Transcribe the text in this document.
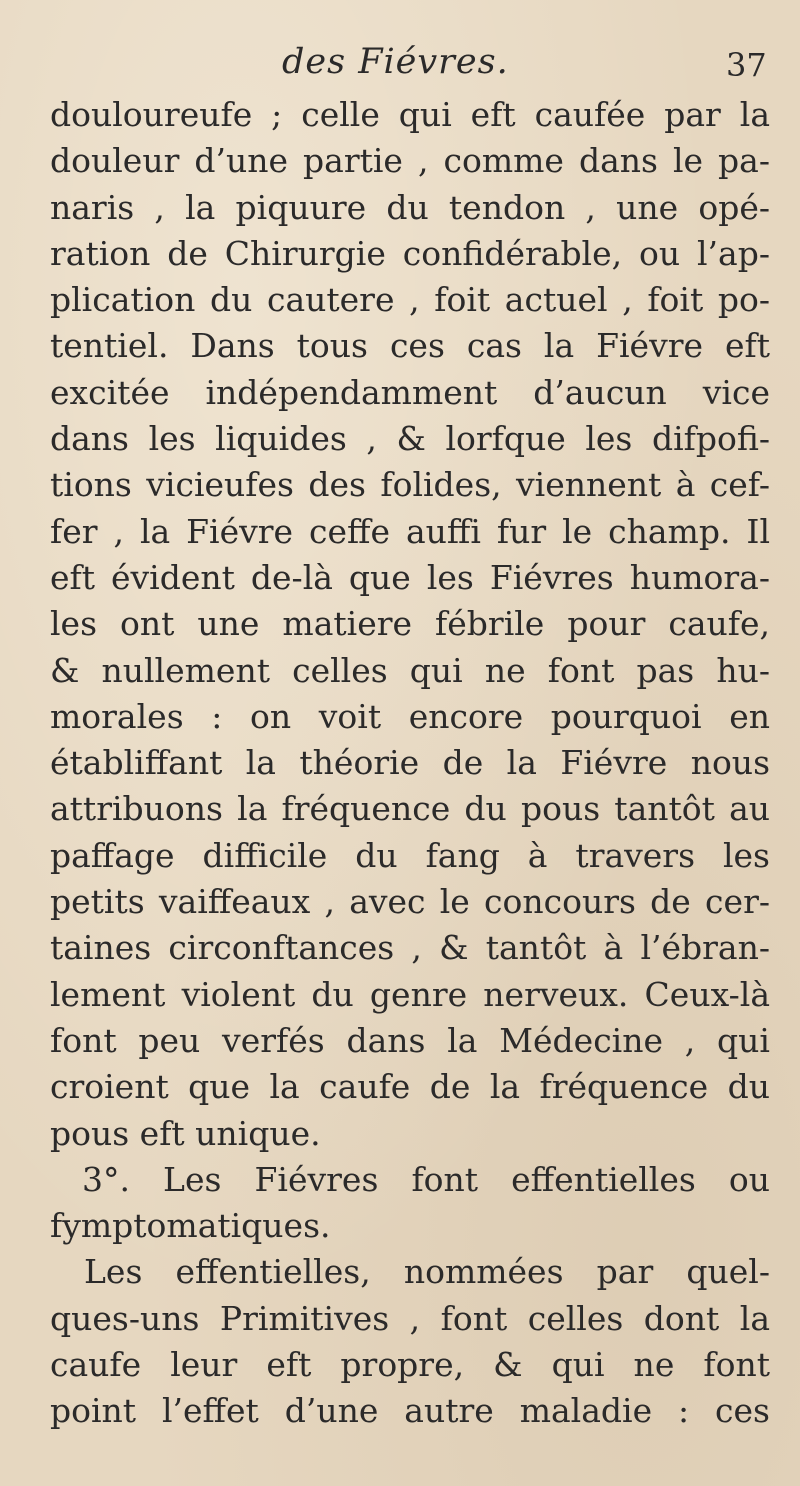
des Fiévres.	37
douloureufe ; celle qui eft caufée par la
douleur d’une partie , comme dans le pa-
naris , la piquure du tendon , une opé-
ration de Chirurgie confidérable, ou l’ap-
plication du cautere , foit actuel , foit po-
tentiel. Dans tous ces cas la Fiévre eft
excitée indépendamment d’aucun vice
dans les liquides , & lorfque les difpofi-
tions vicieufes des folides, viennent à cef-
fer , la Fiévre ceffe auffi fur le champ. Il
eft évident de-là que les Fiévres humora-
les ont une matiere fébrile pour caufe,
& nullement celles qui ne font pas hu-
morales : on voit encore pourquoi en
établiffant la théorie de la Fiévre nous
attribuons la fréquence du pous tantôt au
paffage difficile du fang à travers les
petits vaiffeaux , avec le concours de cer-
taines circonftances , & tantôt à l’ébran-
lement violent du genre nerveux. Ceux-là
font peu verfés dans la Médecine , qui
croient que la caufe de la fréquence du
pous eft unique.
3°. Les Fiévres font effentielles ou
fymptomatiques.
Les effentielles, nommées par quel-
ques-uns Primitives , font celles dont la
caufe leur eft propre, & qui ne font
point l’effet d’une autre maladie : ces
